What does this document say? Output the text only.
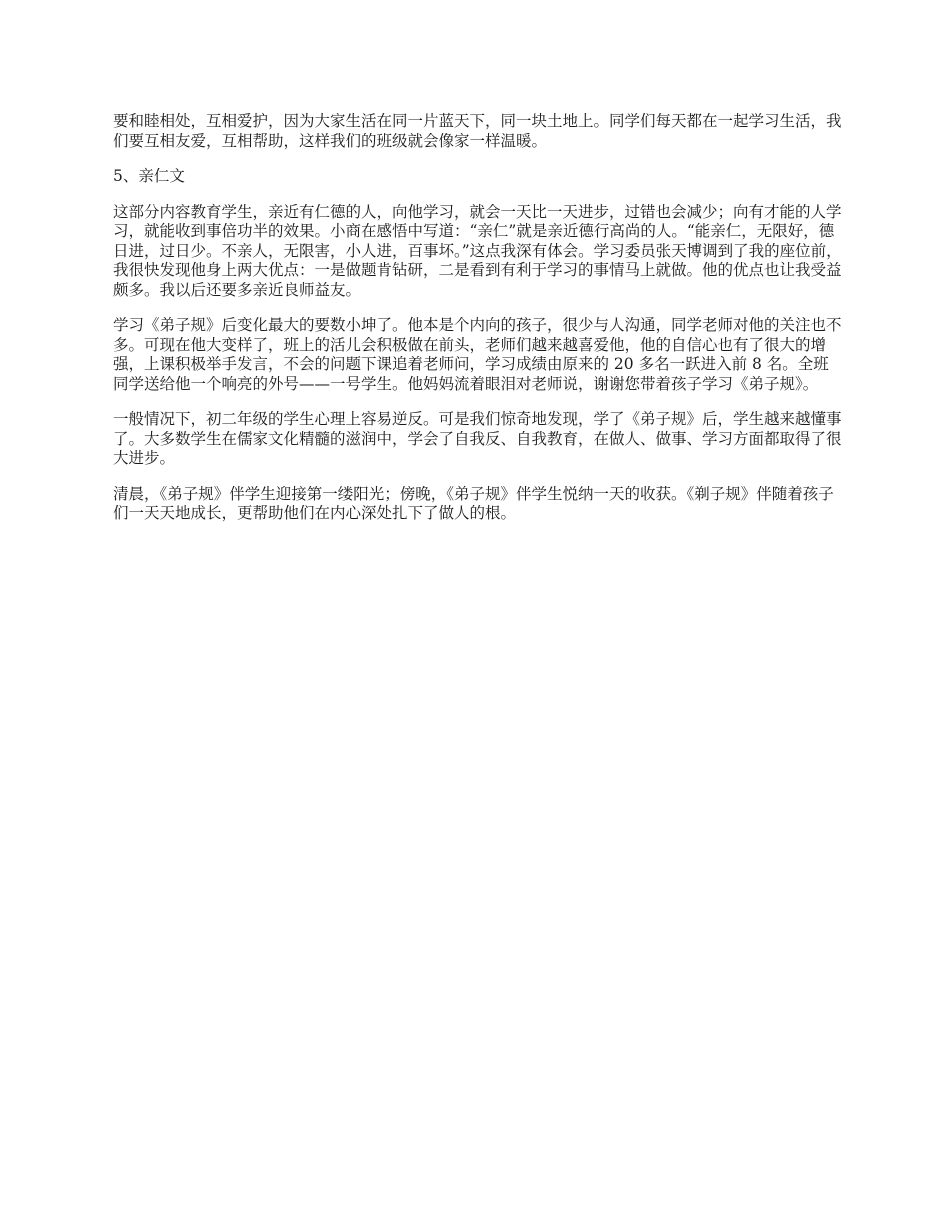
要和睦相处，互相爱护，因为大家生活在同一片蓝天下，同一块土地上。同学们每天都在一起学习生活，我们要互相友爱，互相帮助，这样我们的班级就会像家一样温暖。

5、亲仁文

这部分内容教育学生，亲近有仁德的人，向他学习，就会一天比一天进步，过错也会减少；向有才能的人学习，就能收到事倍功半的效果。小商在感悟中写道：“亲仁”就是亲近德行高尚的人。“能亲仁，无限好，德日进，过日少。不亲人，无限害，小人进，百事坏。”这点我深有体会。学习委员张天博调到了我的座位前，我很快发现他身上两大优点：一是做题肯钻研，二是看到有利于学习的事情马上就做。他的优点也让我受益颇多。我以后还要多亲近良师益友。

学习《弟子规》后变化最大的要数小坤了。他本是个内向的孩子，很少与人沟通，同学老师对他的关注也不多。可现在他大变样了，班上的活儿会积极做在前头，老师们越来越喜爱他，他的自信心也有了很大的增强，上课积极举手发言，不会的问题下课追着老师问，学习成绩由原来的 20 多名一跃进入前 8 名。全班同学送给他一个响亮的外号——一号学生。他妈妈流着眼泪对老师说，谢谢您带着孩子学习《弟子规》。

一般情况下，初二年级的学生心理上容易逆反。可是我们惊奇地发现，学了《弟子规》后，学生越来越懂事了。大多数学生在儒家文化精髓的滋润中，学会了自我反、自我教育，在做人、做事、学习方面都取得了很大进步。

清晨，《弟子规》伴学生迎接第一缕阳光；傍晚，《弟子规》伴学生悦纳一天的收获。《剃子规》伴随着孩子们一天天地成长，更帮助他们在内心深处扎下了做人的根。
